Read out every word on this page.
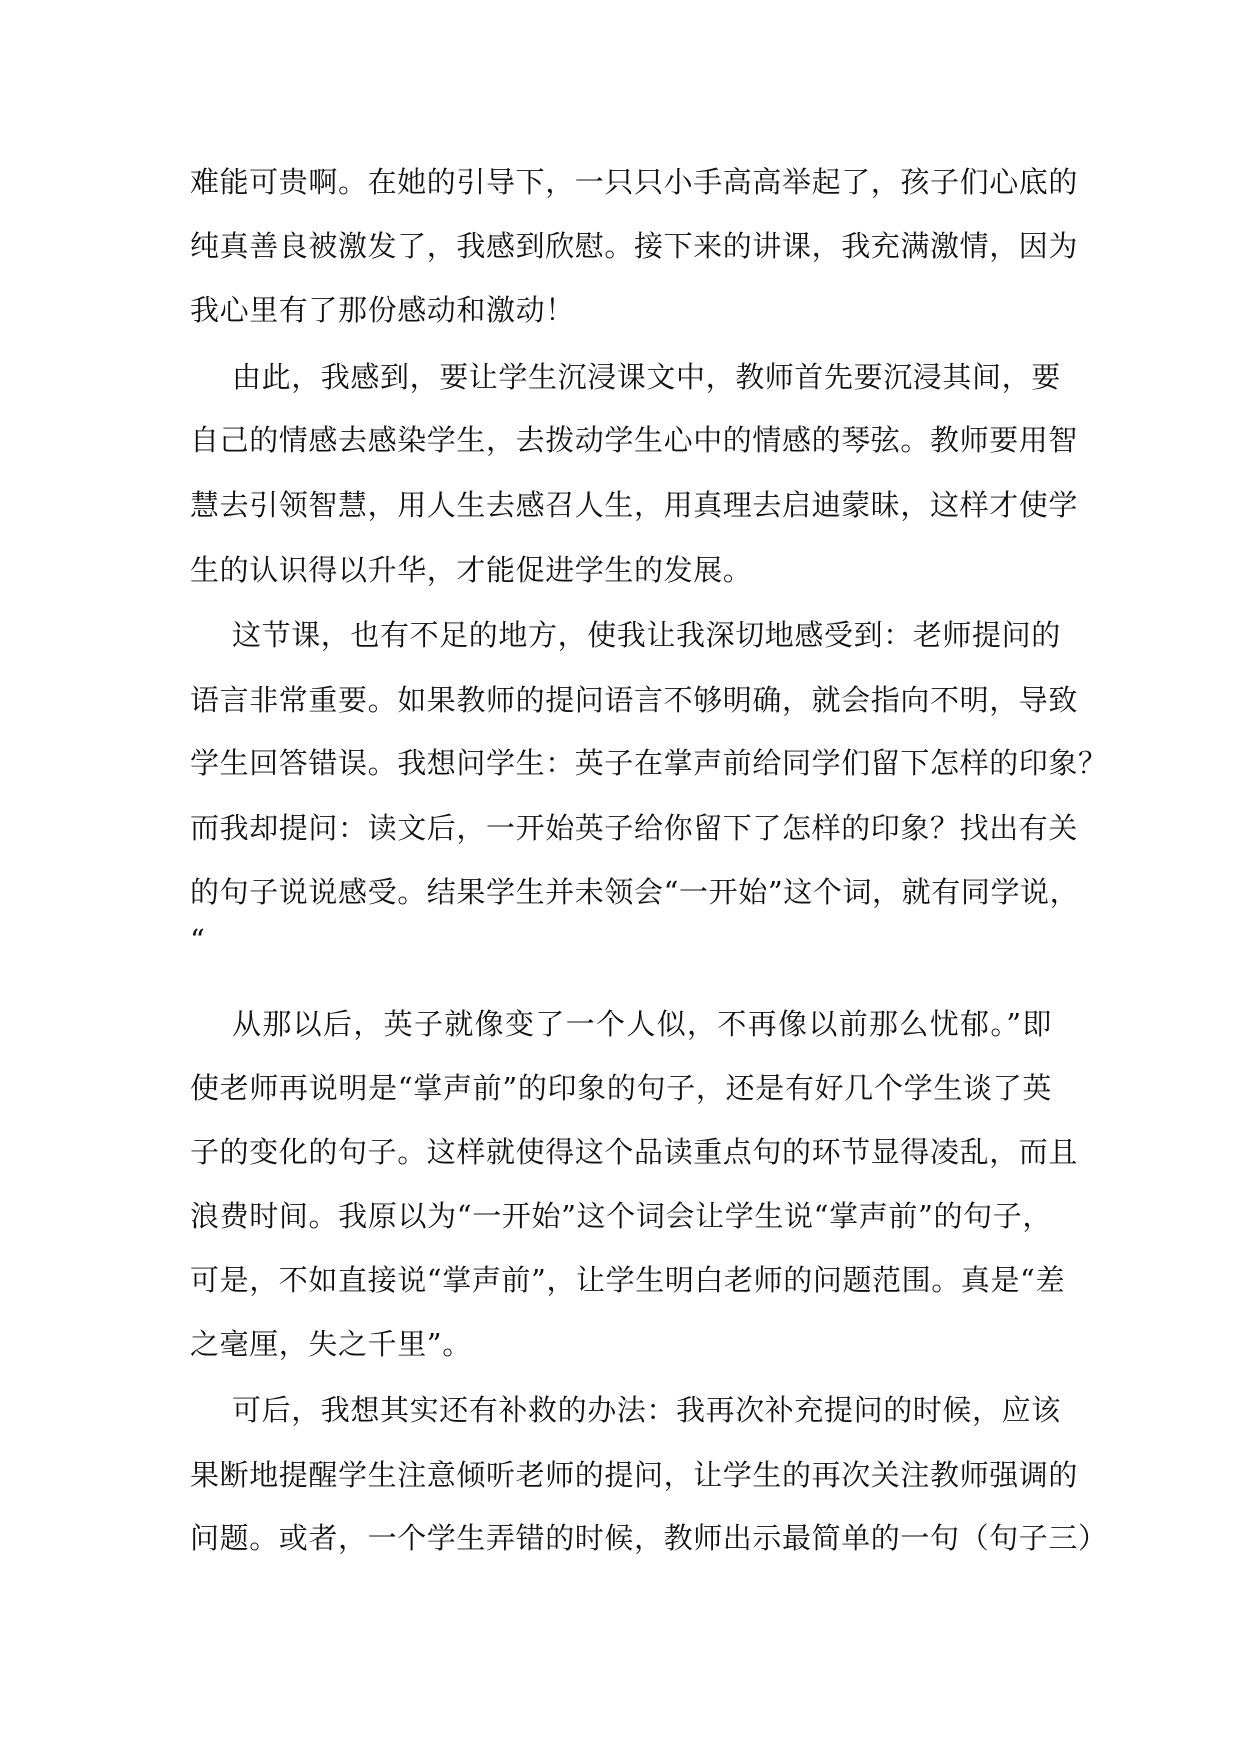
难能可贵啊。在她的引导下，一只只小手高高举起了，孩子们心底的
纯真善良被激发了，我感到欣慰。接下来的讲课，我充满激情，因为
我心里有了那份感动和激动！
由此，我感到，要让学生沉浸课文中，教师首先要沉浸其间，要
自己的情感去感染学生，去拨动学生心中的情感的琴弦。教师要用智
慧去引领智慧，用人生去感召人生，用真理去启迪蒙昧，这样才使学
生的认识得以升华，才能促进学生的发展。
这节课，也有不足的地方，使我让我深切地感受到：老师提问的
语言非常重要。如果教师的提问语言不够明确，就会指向不明，导致
学生回答错误。我想问学生：英子在掌声前给同学们留下怎样的印象？
而我却提问：读文后，一开始英子给你留下了怎样的印象？找出有关
的句子说说感受。结果学生并未领会“一开始”这个词，就有同学说，
“
从那以后，英子就像变了一个人似，不再像以前那么忧郁。”即
使老师再说明是“掌声前”的印象的句子，还是有好几个学生谈了英
子的变化的句子。这样就使得这个品读重点句的环节显得凌乱，而且
浪费时间。我原以为“一开始”这个词会让学生说“掌声前”的句子，
可是，不如直接说“掌声前”，让学生明白老师的问题范围。真是“差
之毫厘，失之千里”。
可后，我想其实还有补救的办法：我再次补充提问的时候，应该
果断地提醒学生注意倾听老师的提问，让学生的再次关注教师强调的
问题。或者，一个学生弄错的时候，教师出示最简单的一句（句子三）
